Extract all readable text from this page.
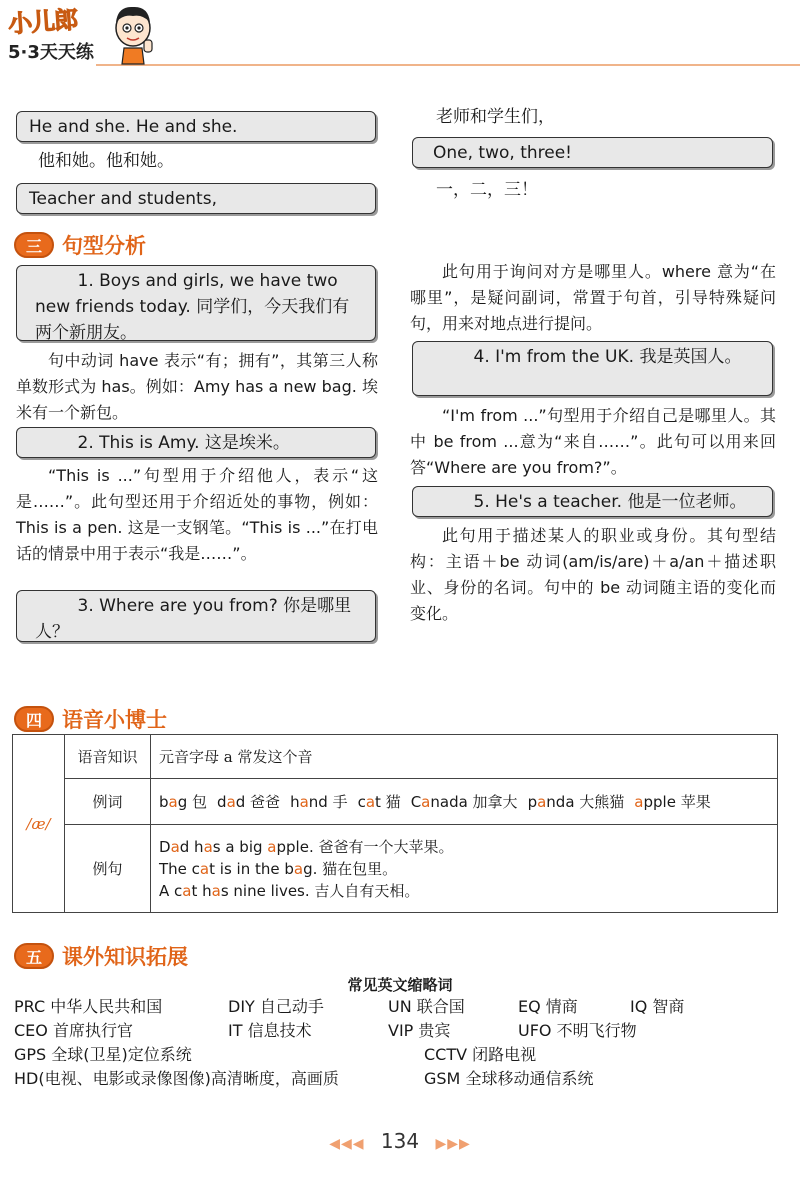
小儿郎
5·3天天练
He and she. He and she.
他和她。他和她。
Teacher and students,
老师和学生们，
One, two, three!
一，二，三！
三 句型分析
1. Boys and girls, we have two new friends today. 同学们，今天我们有两个新朋友。
句中动词 have 表示“有；拥有”，其第三人称单数形式为 has。例如：Amy has a new bag. 埃米有一个新包。
2. This is Amy. 这是埃米。
“This is ...”句型用于介绍他人，表示“这是……”。此句型还用于介绍近处的事物，例如：This is a pen. 这是一支钢笔。“This is ...”在打电话的情景中用于表示“我是……”。
3. Where are you from? 你是哪里人？
此句用于询问对方是哪里人。where 意为“在哪里”，是疑问副词，常置于句首，引导特殊疑问句，用来对地点进行提问。
4. I'm from the UK. 我是英国人。
“I'm from ...”句型用于介绍自己是哪里人。其中 be from ...意为“来自……”。此句可以用来回答“Where are you from?”。
5. He's a teacher. 他是一位老师。
此句用于描述某人的职业或身份。其句型结构：主语＋be 动词(am/is/are)＋a/an＋描述职业、身份的名词。句中的 be 动词随主语的变化而变化。
四 语音小博士
/æ/	语音知识	元音字母 a 常发这个音
	例词	bag 包 dad 爸爸 hand 手 cat 猫 Canada 加拿大 panda 大熊猫 apple 苹果
	例句	Dad has a big apple. 爸爸有一个大苹果。
The cat is in the bag. 猫在包里。
A cat has nine lives. 吉人自有天相。
五 课外知识拓展
常见英文缩略词
PRC 中华人民共和国	DIY 自己动手	UN 联合国	EQ 情商	IQ 智商
CEO 首席执行官	IT 信息技术	VIP 贵宾	UFO 不明飞行物
GPS 全球(卫星)定位系统	CCTV 闭路电视
HD(电视、电影或录像图像)高清晰度，高画质	GSM 全球移动通信系统
◀◀◀ 134 ▶▶▶
